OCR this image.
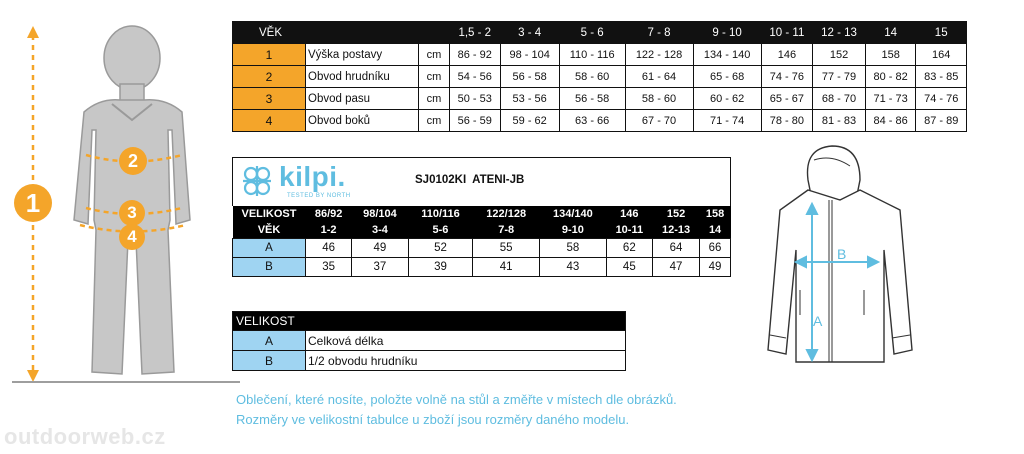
1
2
3
4
VĚK			1,5 - 2	3 - 4	5 - 6	7 - 8	9 - 10	10 - 11	12 - 13	14	15
1	Výška postavy	cm	86 - 92	98 - 104	110 - 116	122 - 128	134 - 140	146	152	158	164
2	Obvod hrudníku	cm	54 - 56	56 - 58	58 - 60	61 - 64	65 - 68	74 - 76	77 - 79	80 - 82	83 - 85
3	Obvod pasu	cm	50 - 53	53 - 56	56 - 58	58 - 60	60 - 62	65 - 67	68 - 70	71 - 73	74 - 76
4	Obvod boků	cm	56 - 59	59 - 62	63 - 66	67 - 70	71 - 74	78 - 80	81 - 83	84 - 86	87 - 89
kilpi.
TESTED BY NORTH
SJ0102KI  ATENI-JB
VELIKOST	86/92	98/104	110/116	122/128	134/140	146	152	158
VĚK	1-2	3-4	5-6	7-8	9-10	10-11	12-13	14
A	46	49	52	55	58	62	64	66
B	35	37	39	41	43	45	47	49
VELIKOST	
A	Celková délka
B	1/2 obvodu hrudníku
A
B
Oblečení, které nosíte, položte volně na stůl a změřte v místech dle obrázků.
Rozměry ve velikostní tabulce u zboží jsou rozměry daného modelu.
outdoorweb.cz
